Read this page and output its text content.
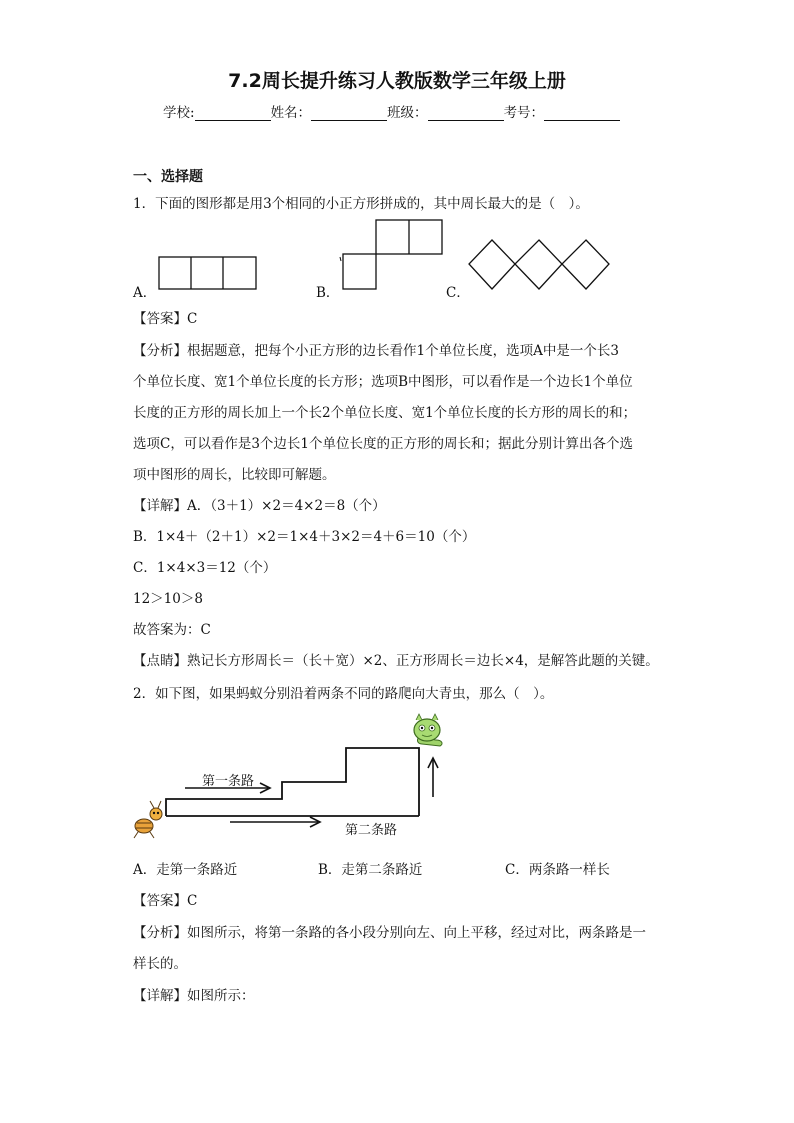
7.2周长提升练习人教版数学三年级上册
学校:	姓名：	班级：	考号：
一、选择题
1．下面的图形都是用3个相同的小正方形拼成的，其中周长最大的是（　）。
A．	B．	C．
【答案】C
【分析】根据题意，把每个小正方形的边长看作1个单位长度，选项A中是一个长3
个单位长度、宽1个单位长度的长方形；选项B中图形，可以看作是一个边长1个单位
长度的正方形的周长加上一个长2个单位长度、宽1个单位长度的长方形的周长的和；
选项C，可以看作是3个边长1个单位长度的正方形的周长和；据此分别计算出各个选
项中图形的周长，比较即可解题。
【详解】A．（3＋1）×2＝4×2＝8（个）
B．1×4＋（2＋1）×2＝1×4＋3×2＝4＋6＝10（个）
C．1×4×3＝12（个）
12＞10＞8
故答案为：C
【点睛】熟记长方形周长＝（长＋宽）×2、正方形周长＝边长×4，是解答此题的关键。
2．如下图，如果蚂蚁分别沿着两条不同的路爬向大青虫，那么（　）。
第一条路
第二条路
A．走第一条路近	B．走第二条路近	C．两条路一样长
【答案】C
【分析】如图所示，将第一条路的各小段分别向左、向上平移，经过对比，两条路是一
样长的。
【详解】如图所示：
